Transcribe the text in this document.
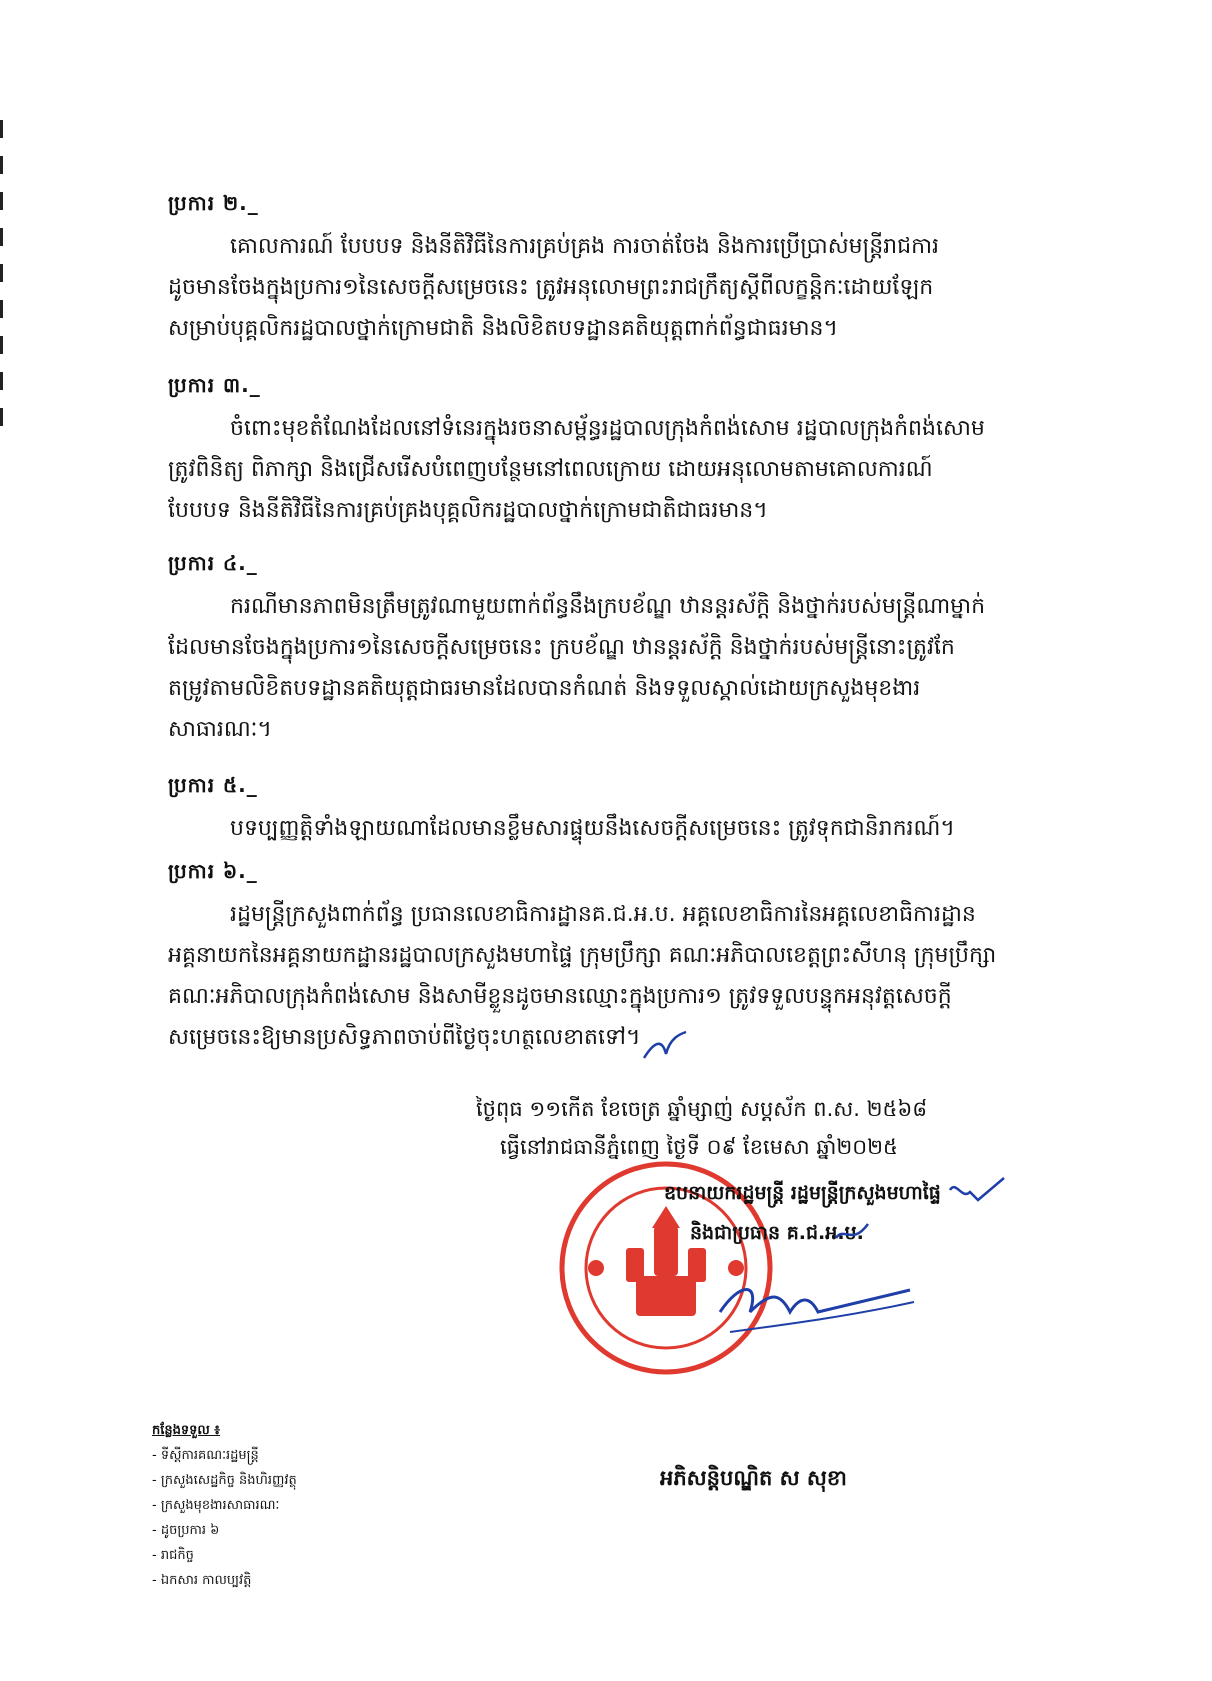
ប្រការ ២._
គោលការណ៍ បែបបទ និងនីតិវិធីនៃការគ្រប់គ្រង ការចាត់ចែង និងការប្រើប្រាស់មន្ត្រីរាជការ
ដូចមានចែងក្នុងប្រការ១នៃសេចក្ដីសម្រេចនេះ ត្រូវអនុលោមព្រះរាជក្រឹត្យស្ដីពីលក្ខន្តិកៈដោយឡែក
សម្រាប់បុគ្គលិករដ្ឋបាលថ្នាក់ក្រោមជាតិ និងលិខិតបទដ្ឋានគតិយុត្តពាក់ព័ន្ធជាធរមាន។
ប្រការ ៣._
ចំពោះមុខតំណែងដែលនៅទំនេរក្នុងរចនាសម្ព័ន្ធរដ្ឋបាលក្រុងកំពង់សោម រដ្ឋបាលក្រុងកំពង់សោម
ត្រូវពិនិត្យ ពិភាក្សា និងជ្រើសរើសបំពេញបន្ថែមនៅពេលក្រោយ ដោយអនុលោមតាមគោលការណ៍
បែបបទ និងនីតិវិធីនៃការគ្រប់គ្រងបុគ្គលិករដ្ឋបាលថ្នាក់ក្រោមជាតិជាធរមាន។
ប្រការ ៤._
ករណីមានភាពមិនត្រឹមត្រូវណាមួយពាក់ព័ន្ធនឹងក្របខ័ណ្ឌ ឋានន្តរស័ក្តិ និងថ្នាក់របស់មន្ត្រីណាម្នាក់
ដែលមានចែងក្នុងប្រការ១នៃសេចក្ដីសម្រេចនេះ ក្របខ័ណ្ឌ ឋានន្តរស័ក្តិ និងថ្នាក់របស់មន្ត្រីនោះត្រូវកែ
តម្រូវតាមលិខិតបទដ្ឋានគតិយុត្តជាធរមានដែលបានកំណត់ និងទទួលស្គាល់ដោយក្រសួងមុខងារ
សាធារណៈ។
ប្រការ ៥._
បទប្បញ្ញត្តិទាំងឡាយណាដែលមានខ្លឹមសារផ្ទុយនឹងសេចក្ដីសម្រេចនេះ ត្រូវទុកជានិរាករណ៍។
ប្រការ ៦._
រដ្ឋមន្ត្រីក្រសួងពាក់ព័ន្ធ ប្រធានលេខាធិការដ្ឋានគ.ជ.អ.ប. អគ្គលេខាធិការនៃអគ្គលេខាធិការដ្ឋាន
អគ្គនាយកនៃអគ្គនាយកដ្ឋានរដ្ឋបាលក្រសួងមហាផ្ទៃ ក្រុមប្រឹក្សា គណៈអភិបាលខេត្តព្រះសីហនុ ក្រុមប្រឹក្សា
គណៈអភិបាលក្រុងកំពង់សោម និងសាមីខ្លួនដូចមានឈ្មោះក្នុងប្រការ១ ត្រូវទទួលបន្ទុកអនុវត្តសេចក្ដី
សម្រេចនេះឱ្យមានប្រសិទ្ធភាពចាប់ពីថ្ងៃចុះហត្ថលេខាតទៅ។
ថ្ងៃពុធ ១១កើត ខែចេត្រ ឆ្នាំម្សាញ់ សប្តស័ក ព.ស. ២៥៦៨
ធ្វើនៅរាជធានីភ្នំពេញ ថ្ងៃទី ០៩ ខែមេសា ឆ្នាំ២០២៥
ឧបនាយករដ្ឋមន្ត្រី រដ្ឋមន្ត្រីក្រសួងមហាផ្ទៃ
និងជាប្រធាន គ.ជ.អ.ប.
អភិសន្តិបណ្ឌិត ស សុខា
កន្លែងទទួល ៖
- ទីស្ដីការគណៈរដ្ឋមន្ត្រី
- ក្រសួងសេដ្ឋកិច្ច និងហិរញ្ញវត្ថុ
- ក្រសួងមុខងារសាធារណៈ
- ដូចប្រការ ៦
- រាជកិច្ច
- ឯកសារ កាលប្បវត្តិ
